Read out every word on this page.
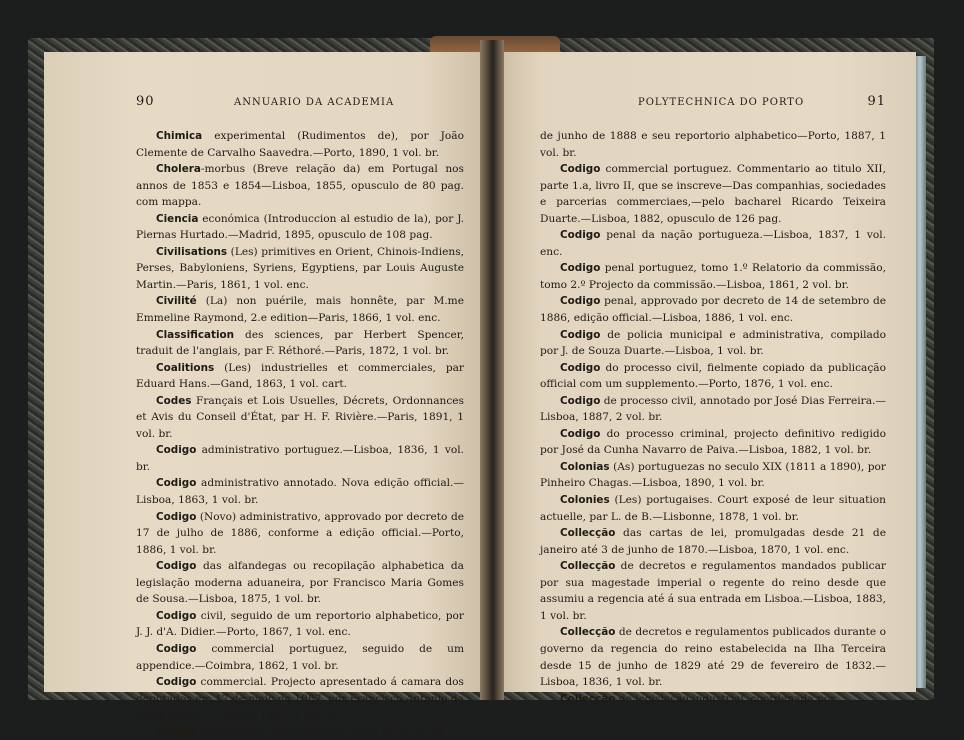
90	ANNUARIO DA ACADEMIA

Chimica experimental (Rudimentos de), por João Clemente de Carvalho Saavedra.—Porto, 1890, 1 vol. br.

Cholera-morbus (Breve relação da) em Portugal nos annos de 1853 e 1854—Lisboa, 1855, opusculo de 80 pag. com mappa.

Ciencia económica (Introduccion al estudio de la), por J. Piernas Hurtado.—Madrid, 1895, opusculo de 108 pag.

Civilisations (Les) primitives en Orient, Chinois-Indiens, Perses, Babyloniens, Syriens, Egyptiens, par Louis Auguste Martin.—Paris, 1861, 1 vol. enc.

Civilité (La) non puérile, mais honnête, par M.me Emmeline Raymond, 2.e edition—Paris, 1866, 1 vol. enc.

Classification des sciences, par Herbert Spencer, traduit de l'anglais, par F. Réthoré.—Paris, 1872, 1 vol. br.

Coalitions (Les) industrielles et commerciales, par Eduard Hans.—Gand, 1863, 1 vol. cart.

Codes Français et Lois Usuelles, Décrets, Ordonnances et Avis du Conseil d'État, par H. F. Rivière.—Paris, 1891, 1 vol. br.

Codigo administrativo portuguez.—Lisboa, 1836, 1 vol. br.

Codigo administrativo annotado. Nova edição official.—Lisboa, 1863, 1 vol. br.

Codigo (Novo) administrativo, approvado por decreto de 17 de julho de 1886, conforme a edição official.—Porto, 1886, 1 vol. br.

Codigo das alfandegas ou recopilação alphabetica da legislação moderna aduaneira, por Francisco Maria Gomes de Sousa.—Lisboa, 1875, 1 vol. br.

Codigo civil, seguido de um reportorio alphabetico, por J. J. d'A. Didier.—Porto, 1867, 1 vol. enc.

Codigo commercial portuguez, seguido de um appendice.—Coimbra, 1862, 1 vol. br.

Codigo commercial. Projecto apresentado á camara dos deputados em 17 de maio de 1887, por Francisco Antonio da Veiga Beirão.—Lisboa, 1887, 1 vol. br.

Codigo commercial, approvado por carta de lei de 28

POLYTECHNICA DO PORTO	91

de junho de 1888 e seu reportorio alphabetico—Porto, 1887, 1 vol. br.

Codigo commercial portuguez. Commentario ao titulo XII, parte 1.a, livro II, que se inscreve—Das companhias, sociedades e parcerias commerciaes,—pelo bacharel Ricardo Teixeira Duarte.—Lisboa, 1882, opusculo de 126 pag.

Codigo penal da nação portugueza.—Lisboa, 1837, 1 vol. enc.

Codigo penal portuguez, tomo 1.º Relatorio da commissão, tomo 2.º Projecto da commissão.—Lisboa, 1861, 2 vol. br.

Codigo penal, approvado por decreto de 14 de setembro de 1886, edição official.—Lisboa, 1886, 1 vol. enc.

Codigo de policia municipal e administrativa, compilado por J. de Souza Duarte.—Lisboa, 1 vol. br.

Codigo do processo civil, fielmente copiado da publicação official com um supplemento.—Porto, 1876, 1 vol. enc.

Codigo de processo civil, annotado por José Dias Ferreira.—Lisboa, 1887, 2 vol. br.

Codigo do processo criminal, projecto definitivo redigido por José da Cunha Navarro de Paiva.—Lisboa, 1882, 1 vol. br.

Colonias (As) portuguezas no seculo XIX (1811 a 1890), por Pinheiro Chagas.—Lisboa, 1890, 1 vol. br.

Colonies (Les) portugaises. Court exposé de leur situation actuelle, par L. de B.—Lisbonne, 1878, 1 vol. br.

Collecção das cartas de lei, promulgadas desde 21 de janeiro até 3 de junho de 1870.—Lisboa, 1870, 1 vol. enc.

Collecção de decretos e regulamentos mandados publicar por sua magestade imperial o regente do reino desde que assumiu a regencia até á sua entrada em Lisboa.—Lisboa, 1883, 1 vol. br.

Collecção de decretos e regulamentos publicados durante o governo da regencia do reino estabelecida na Ilha Terceira desde 15 de junho de 1829 até 29 de fevereiro de 1832.—Lisboa, 1836, 1 vol. br.

Collecção de legislação industrial, coordenada por
